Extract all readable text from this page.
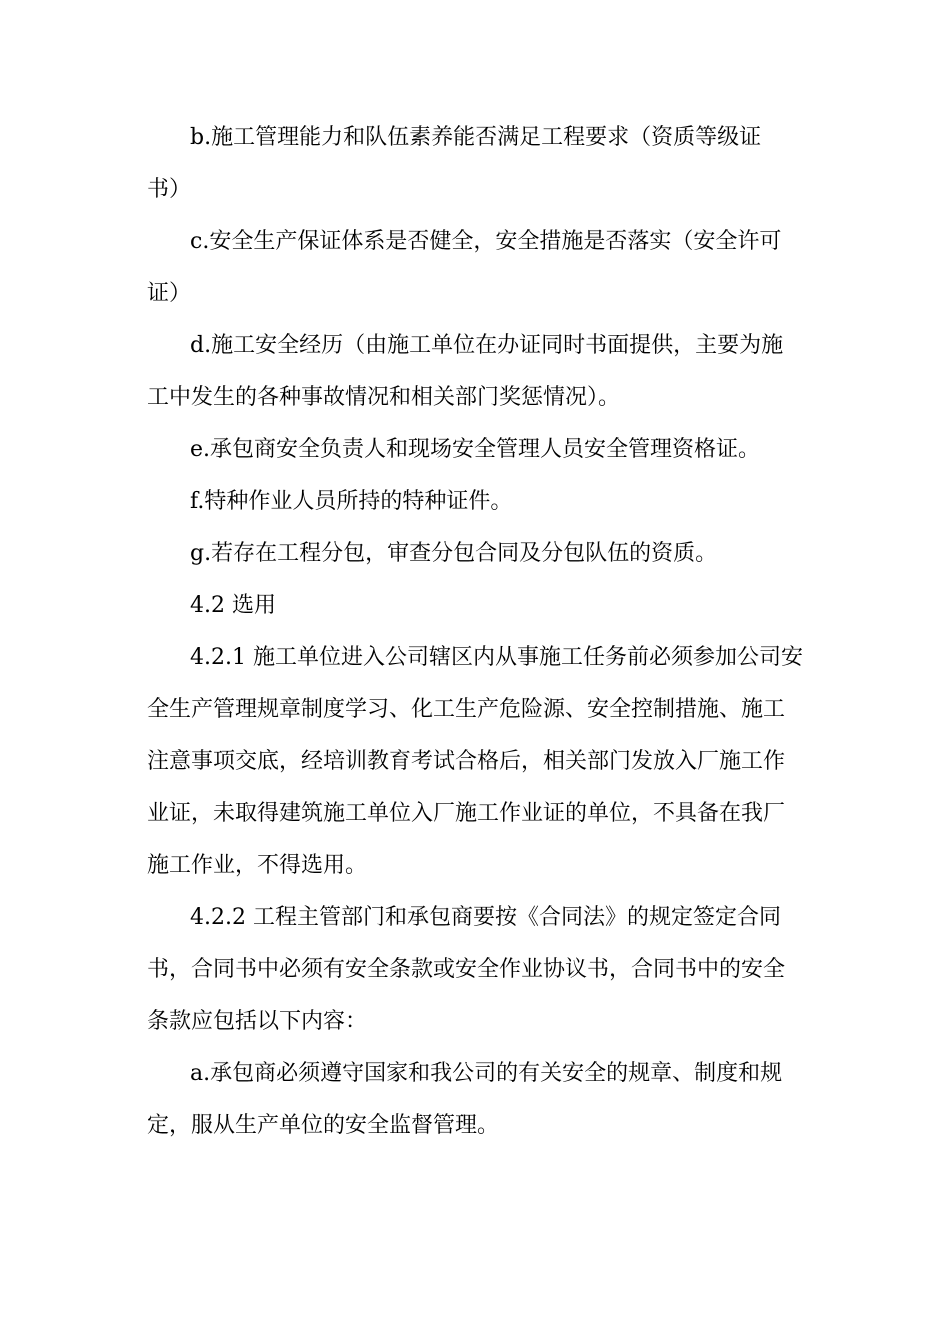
b.施工管理能力和队伍素养能否满足工程要求（资质等级证

书）

c.安全生产保证体系是否健全，安全措施是否落实（安全许可

证）

d.施工安全经历（由施工单位在办证同时书面提供，主要为施

工中发生的各种事故情况和相关部门奖惩情况）。

e.承包商安全负责人和现场安全管理人员安全管理资格证。

f.特种作业人员所持的特种证件。

g.若存在工程分包，审查分包合同及分包队伍的资质。

4.2 选用

4.2.1 施工单位进入公司辖区内从事施工任务前必须参加公司安

全生产管理规章制度学习、化工生产危险源、安全控制措施、施工

注意事项交底，经培训教育考试合格后，相关部门发放入厂施工作

业证，未取得建筑施工单位入厂施工作业证的单位，不具备在我厂

施工作业，不得选用。

4.2.2 工程主管部门和承包商要按《合同法》的规定签定合同

书，合同书中必须有安全条款或安全作业协议书，合同书中的安全

条款应包括以下内容：

a.承包商必须遵守国家和我公司的有关安全的规章、制度和规

定，服从生产单位的安全监督管理。
